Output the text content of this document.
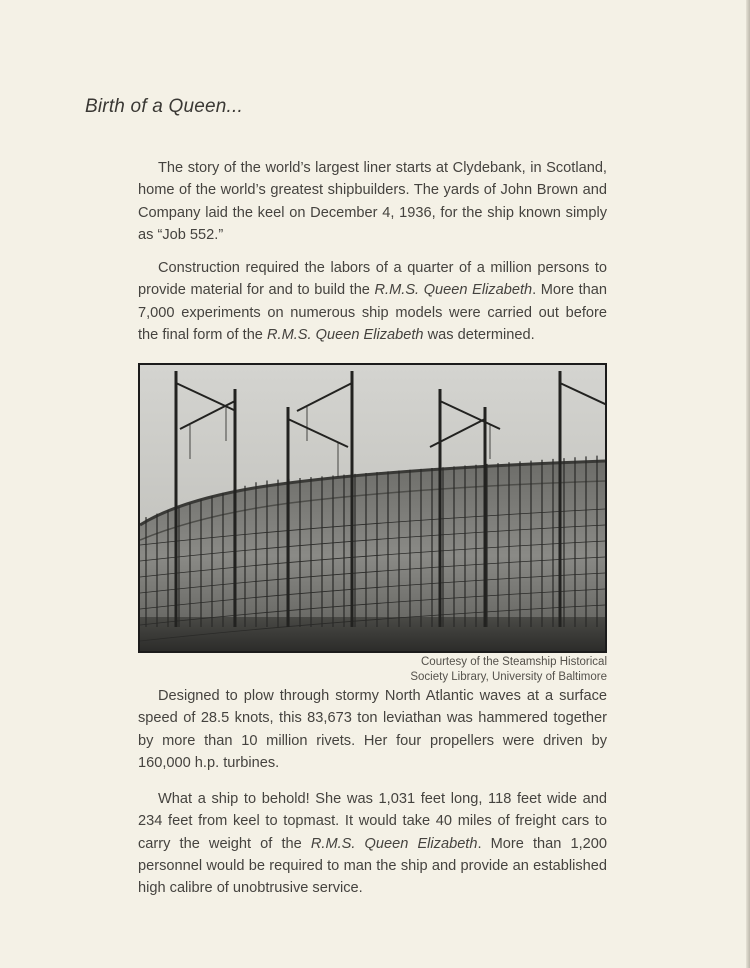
Birth of a Queen...

The story of the world’s largest liner starts at Clydebank, in Scotland, home of the world’s greatest shipbuilders. The yards of John Brown and Company laid the keel on December 4, 1936, for the ship known simply as “Job 552.”

Construction required the labors of a quarter of a million persons to provide material for and to build the R.M.S. Queen Elizabeth. More than 7,000 experiments on numerous ship models were carried out before the final form of the R.M.S. Queen Elizabeth was determined.

Courtesy of the Steamship Historical
Society Library, University of Baltimore

Designed to plow through stormy North Atlantic waves at a surface speed of 28.5 knots, this 83,673 ton leviathan was hammered together by more than 10 million rivets. Her four propellers were driven by 160,000 h.p. turbines.

What a ship to behold! She was 1,031 feet long, 118 feet wide and 234 feet from keel to topmast. It would take 40 miles of freight cars to carry the weight of the R.M.S. Queen Elizabeth. More than 1,200 personnel would be required to man the ship and provide an established high calibre of unobtrusive service.
